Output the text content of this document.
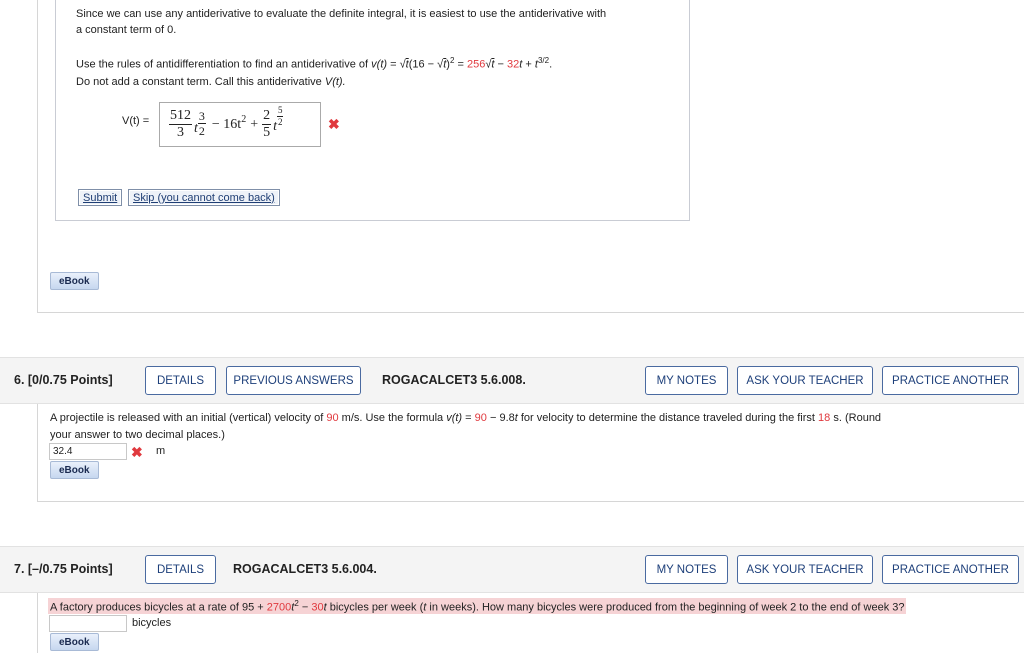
Since we can use any antiderivative to evaluate the definite integral, it is easiest to use the antiderivative with
a constant term of 0.
Use the rules of antidifferentiation to find an antiderivative of $v(t) = √t(16 - √t)^2 = 256√t - 32t + t^{3/2}$.
Do not add a constant term. Call this antiderivative V(t).
$V(t) = \frac{512}{3}$ t $\frac{3}{2} - 16t^2 + \frac{2}{5}$ t $\frac{5}{2}$	✖
Submit	Skip (you cannot come back)
eBook
6. [0/0.75 Points]	DETAILS	PREVIOUS ANSWERS	ROGACALCET3 5.6.008.	MY NOTES	ASK YOUR TEACHER	PRACTICE ANOTHER
A projectile is released with an initial (vertical) velocity of 90 m/s. Use the formula v(t) = 90 − 9.8t for velocity to determine the distance traveled during the first 18 s. (Round
your answer to two decimal places.)
32.4	✖ m
eBook
7. [–/0.75 Points]	DETAILS	ROGACALCET3 5.6.004.	MY NOTES	ASK YOUR TEACHER	PRACTICE ANOTHER
A factory produces bicycles at a rate of $95 + 2700t^2 - 30t$ bicycles per week (t in weeks). How many bicycles were produced from the beginning of week 2 to the end of week 3?
bicycles
eBook
